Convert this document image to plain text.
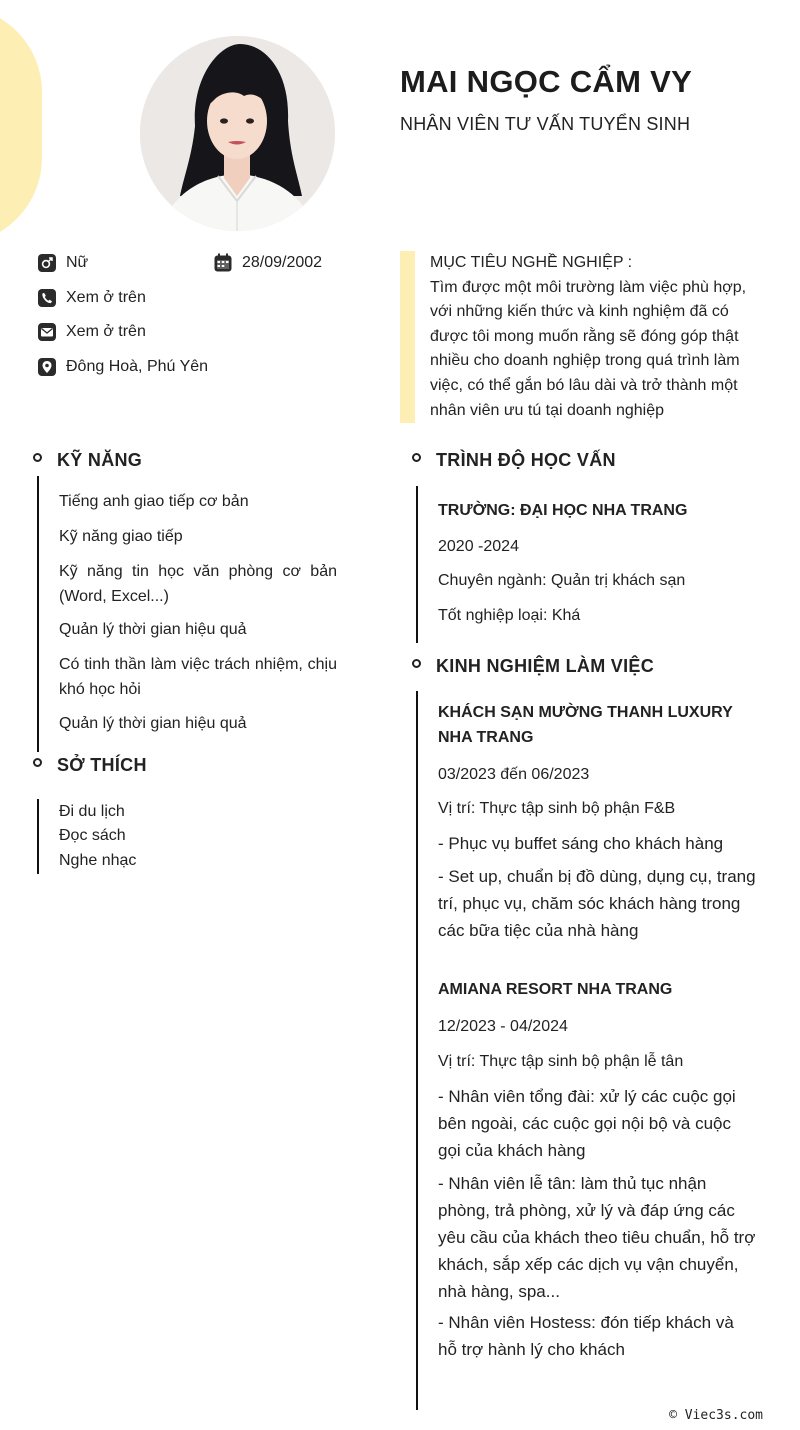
MAI NGỌC CẨM VY
NHÂN VIÊN TƯ VẤN TUYỂN SINH
Nữ	28/09/2002
Xem ở trên
Xem ở trên
Đông Hoà, Phú Yên
MỤC TIÊU NGHỀ NGHIỆP :
Tìm được một môi trường làm việc phù hợp, với những kiến thức và kinh nghiệm đã có được tôi mong muốn rằng sẽ đóng góp thật nhiều cho doanh nghiệp trong quá trình làm việc, có thể gắn bó lâu dài và trở thành một nhân viên ưu tú tại doanh nghiệp
KỸ NĂNG
Tiếng anh giao tiếp cơ bản
Kỹ năng giao tiếp
Kỹ năng tin học văn phòng cơ bản (Word, Excel...)
Quản lý thời gian hiệu quả
Có tinh thần làm việc trách nhiệm, chịu khó học hỏi
Quản lý thời gian hiệu quả
SỞ THÍCH
Đi du lịch
Đọc sách
Nghe nhạc
TRÌNH ĐỘ HỌC VẤN
TRƯỜNG: ĐẠI HỌC NHA TRANG
2020 -2024
Chuyên ngành: Quản trị khách sạn
Tốt nghiệp loại: Khá
KINH NGHIỆM LÀM VIỆC
KHÁCH SẠN MƯỜNG THANH LUXURY NHA TRANG
03/2023 đến 06/2023
Vị trí: Thực tập sinh bộ phận F&B
- Phục vụ buffet sáng cho khách hàng
- Set up, chuẩn bị đồ dùng, dụng cụ, trang trí, phục vụ, chăm sóc khách hàng trong các bữa tiệc của nhà hàng
AMIANA RESORT NHA TRANG
12/2023 - 04/2024
Vị trí: Thực tập sinh bộ phận lễ tân
- Nhân viên tổng đài: xử lý các cuộc gọi bên ngoài, các cuộc gọi nội bộ và cuộc gọi của khách hàng
- Nhân viên lễ tân: làm thủ tục nhận phòng, trả phòng, xử lý và đáp ứng các yêu cầu của khách theo tiêu chuẩn, hỗ trợ khách, sắp xếp các dịch vụ vận chuyển, nhà hàng, spa...
- Nhân viên Hostess: đón tiếp khách và hỗ trợ hành lý cho khách
© Viec3s.com
